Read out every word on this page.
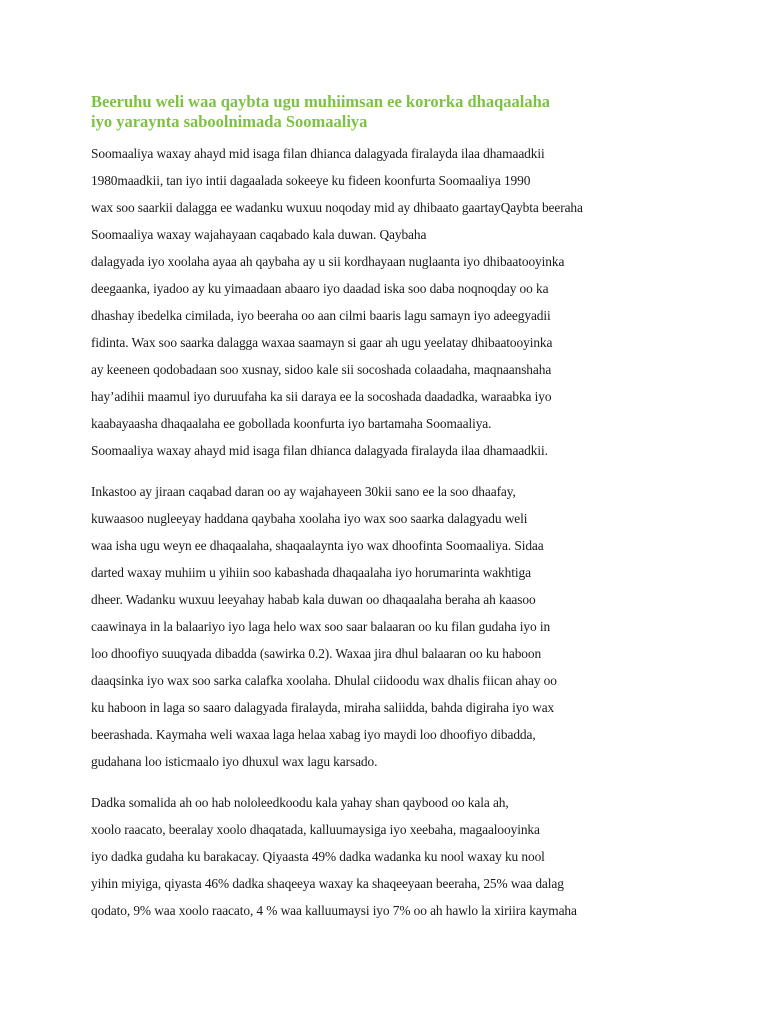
Beeruhu weli waa qaybta ugu muhiimsan ee kororka dhaqaalaha
iyo yaraynta saboolnimada Soomaaliya
Soomaaliya waxay ahayd mid isaga filan dhianca dalagyada firalayda ilaa dhamaadkii
1980maadkii, tan iyo intii dagaalada sokeeye ku fideen koonfurta Soomaaliya 1990
wax soo saarkii dalagga ee wadanku wuxuu noqoday mid ay dhibaato gaartayQaybta beeraha
Soomaaliya waxay wajahayaan caqabado kala duwan. Qaybaha
dalagyada iyo xoolaha ayaa ah qaybaha ay u sii kordhayaan nuglaanta iyo dhibaatooyinka
deegaanka, iyadoo ay ku yimaadaan abaaro iyo daadad iska soo daba noqnoqday oo ka
dhashay ibedelka cimilada, iyo beeraha oo aan cilmi baaris lagu samayn iyo adeegyadii
fidinta. Wax soo saarka dalagga waxaa saamayn si gaar ah ugu yeelatay dhibaatooyinka
ay keeneen qodobadaan soo xusnay, sidoo kale sii socoshada colaadaha, maqnaanshaha
hay’adihii maamul iyo duruufaha ka sii daraya ee la socoshada daadadka, waraabka iyo
kaabayaasha dhaqaalaha ee gobollada koonfurta iyo bartamaha Soomaaliya.
Soomaaliya waxay ahayd mid isaga filan dhianca dalagyada firalayda ilaa dhamaadkii.
Inkastoo ay jiraan caqabad daran oo ay wajahayeen 30kii sano ee la soo dhaafay,
kuwaasoo nugleeyay haddana qaybaha xoolaha iyo wax soo saarka dalagyadu weli
waa isha ugu weyn ee dhaqaalaha, shaqaalaynta iyo wax dhoofinta Soomaaliya. Sidaa
darted waxay muhiim u yihiin soo kabashada dhaqaalaha iyo horumarinta wakhtiga
dheer. Wadanku wuxuu leeyahay habab kala duwan oo dhaqaalaha beraha ah kaasoo
caawinaya in la balaariyo iyo laga helo wax soo saar balaaran oo ku filan gudaha iyo in
loo dhoofiyo suuqyada dibadda (sawirka 0.2). Waxaa jira dhul balaaran oo ku haboon
daaqsinka iyo wax soo sarka calafka xoolaha. Dhulal ciidoodu wax dhalis fiican ahay oo
ku haboon in laga so saaro dalagyada firalayda, miraha saliidda, bahda digiraha iyo wax
beerashada. Kaymaha weli waxaa laga helaa xabag iyo maydi loo dhoofiyo dibadda,
gudahana loo isticmaalo iyo dhuxul wax lagu karsado.
Dadka somalida ah oo hab nololeedkoodu kala yahay shan qaybood oo kala ah,
xoolo raacato, beeralay xoolo dhaqatada, kalluumaysiga iyo xeebaha, magaalooyinka
iyo dadka gudaha ku barakacay. Qiyaasta 49% dadka wadanka ku nool waxay ku nool
yihin miyiga, qiyasta 46% dadka shaqeeya waxay ka shaqeeyaan beeraha, 25% waa dalag
qodato, 9% waa xoolo raacato, 4 % waa kalluumaysi iyo 7% oo ah hawlo la xiriira kaymaha
